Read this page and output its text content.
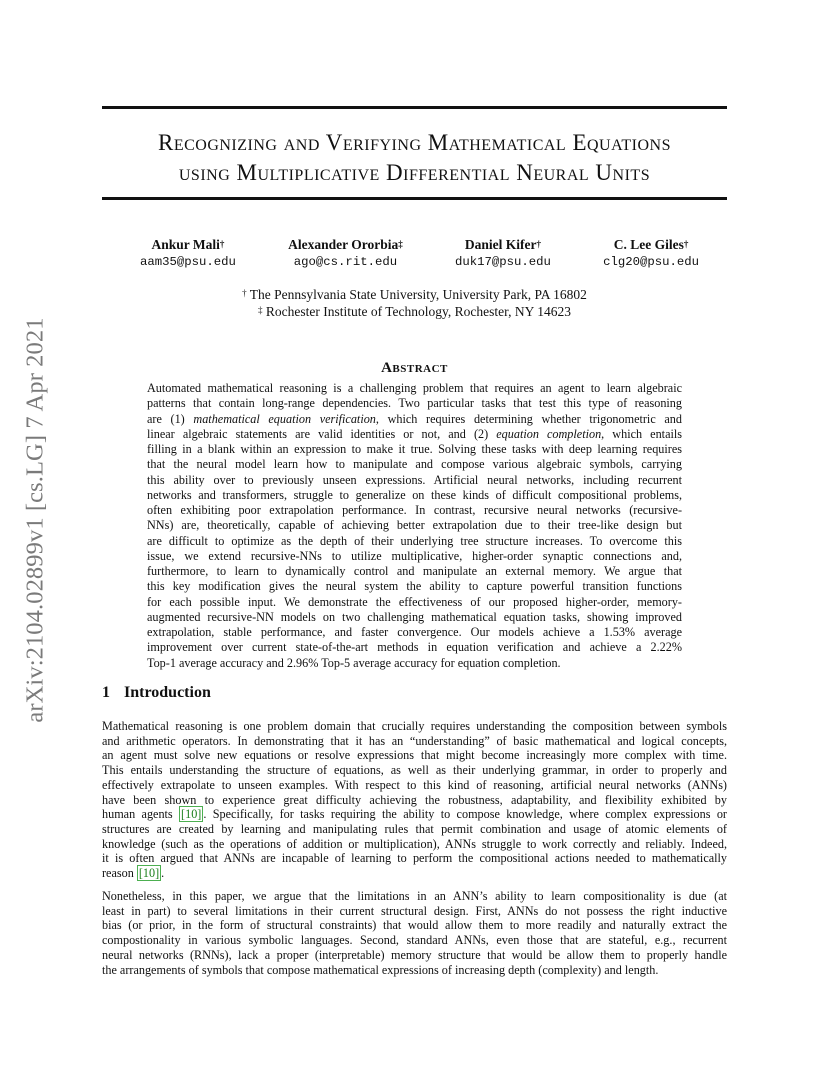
arXiv:2104.02899v1 [cs.LG] 7 Apr 2021
Recognizing and Verifying Mathematical Equations
using Multiplicative Differential Neural Units
Ankur Mali†
aam35@psu.edu
Alexander Ororbia‡
ago@cs.rit.edu
Daniel Kifer†
duk17@psu.edu
C. Lee Giles†
clg20@psu.edu
† The Pennsylvania State University, University Park, PA 16802
‡ Rochester Institute of Technology, Rochester, NY 14623
Abstract
Automated mathematical reasoning is a challenging problem that requires an agent to learn algebraic
patterns that contain long-range dependencies. Two particular tasks that test this type of reasoning
are (1) mathematical equation verification, which requires determining whether trigonometric and
linear algebraic statements are valid identities or not, and (2) equation completion, which entails
filling in a blank within an expression to make it true. Solving these tasks with deep learning requires
that the neural model learn how to manipulate and compose various algebraic symbols, carrying
this ability over to previously unseen expressions. Artificial neural networks, including recurrent
networks and transformers, struggle to generalize on these kinds of difficult compositional problems,
often exhibiting poor extrapolation performance. In contrast, recursive neural networks (recursive-
NNs) are, theoretically, capable of achieving better extrapolation due to their tree-like design but
are difficult to optimize as the depth of their underlying tree structure increases. To overcome this
issue, we extend recursive-NNs to utilize multiplicative, higher-order synaptic connections and,
furthermore, to learn to dynamically control and manipulate an external memory. We argue that
this key modification gives the neural system the ability to capture powerful transition functions
for each possible input. We demonstrate the effectiveness of our proposed higher-order, memory-
augmented recursive-NN models on two challenging mathematical equation tasks, showing improved
extrapolation, stable performance, and faster convergence. Our models achieve a 1.53% average
improvement over current state-of-the-art methods in equation verification and achieve a 2.22%
Top-1 average accuracy and 2.96% Top-5 average accuracy for equation completion.
1 Introduction
Mathematical reasoning is one problem domain that crucially requires understanding the composition between symbols
and arithmetic operators. In demonstrating that it has an “understanding” of basic mathematical and logical concepts,
an agent must solve new equations or resolve expressions that might become increasingly more complex with time.
This entails understanding the structure of equations, as well as their underlying grammar, in order to properly and
effectively extrapolate to unseen examples. With respect to this kind of reasoning, artificial neural networks (ANNs)
have been shown to experience great difficulty achieving the robustness, adaptability, and flexibility exhibited by
human agents [10] . Specifically, for tasks requiring the ability to compose knowledge, where complex expressions or
structures are created by learning and manipulating rules that permit combination and usage of atomic elements of
knowledge (such as the operations of addition or multiplication), ANNs struggle to work correctly and reliably. Indeed,
it is often argued that ANNs are incapable of learning to perform the compositional actions needed to mathematically
reason [10] .
Nonetheless, in this paper, we argue that the limitations in an ANN’s ability to learn compositionality is due (at
least in part) to several limitations in their current structural design. First, ANNs do not possess the right inductive
bias (or prior, in the form of structural constraints) that would allow them to more readily and naturally extract the
compostionality in various symbolic languages. Second, standard ANNs, even those that are stateful, e.g., recurrent
neural networks (RNNs), lack a proper (interpretable) memory structure that would be allow them to properly handle
the arrangements of symbols that compose mathematical expressions of increasing depth (complexity) and length.
